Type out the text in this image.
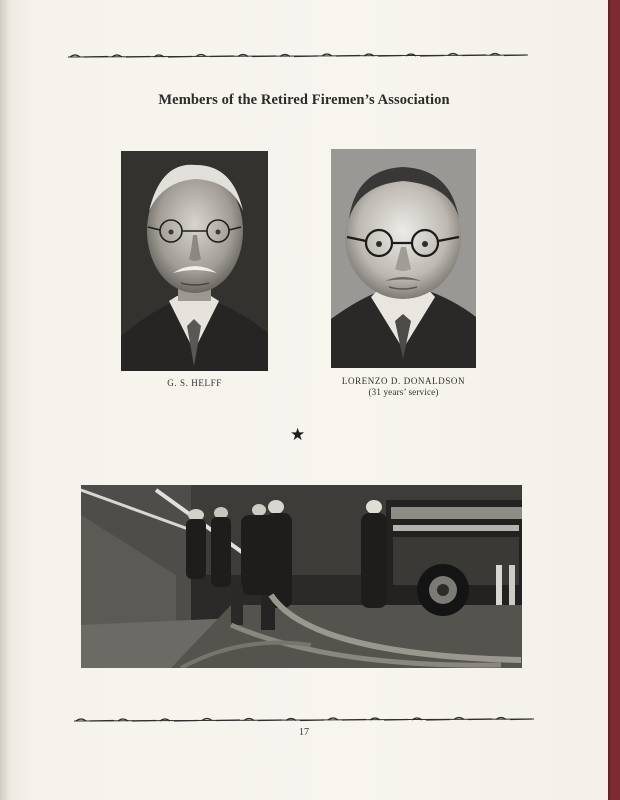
Members of the Retired Firemen’s Association
G. S. HELFF	LORENZO D. DONALDSON
(31 years’ service)
★
17
